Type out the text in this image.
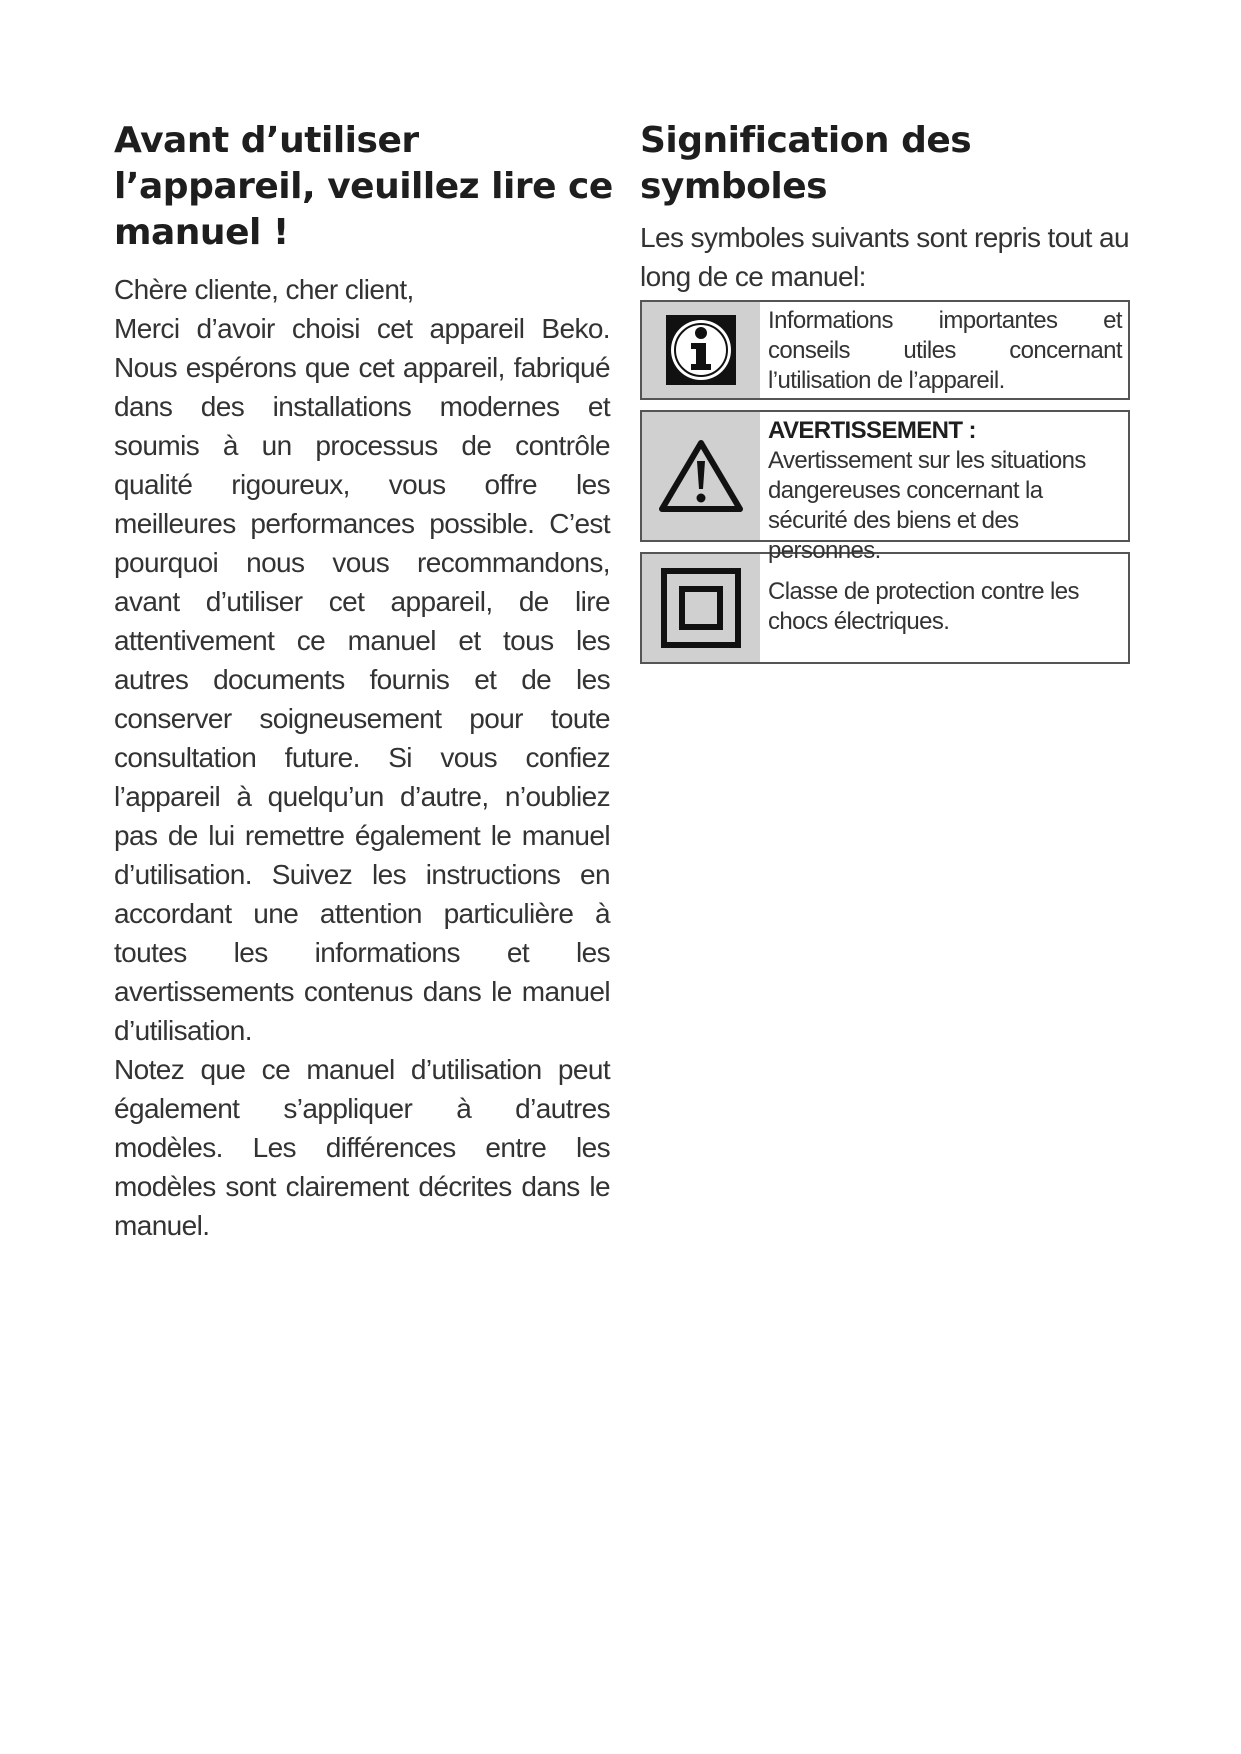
Avant d’utiliser l’appareil, veuillez lire ce manuel !
Chère cliente, cher client,

Merci d’avoir choisi cet appareil Beko. Nous espérons que cet appareil, fabriqué dans des installations modernes et soumis à un processus de contrôle qualité rigoureux, vous offre les meilleures performances possible. C’est pourquoi nous vous recommandons, avant d’utiliser cet appareil, de lire attentivement ce manuel et tous les autres documents fournis et de les conserver soigneusement pour toute consultation future. Si vous confiez l’appareil à quelqu’un d’autre, n’oubliez pas de lui remettre également le manuel d’utilisation. Suivez les instructions en accordant une attention particulière à toutes les informations et les avertissements contenus dans le manuel d’utilisation.

Notez que ce manuel d’utilisation peut également s’appliquer à d’autres modèles. Les différences entre les modèles sont clairement décrites dans le manuel.

Signification des symboles
Les symboles suivants sont repris tout au long de ce manuel:
Informations importantes et conseils utiles concernant l’utilisation de l’appareil.
AVERTISSEMENT : Avertissement sur les situations dangereuses concernant la sécurité des biens et des personnes.
Classe de protection contre les chocs électriques.
